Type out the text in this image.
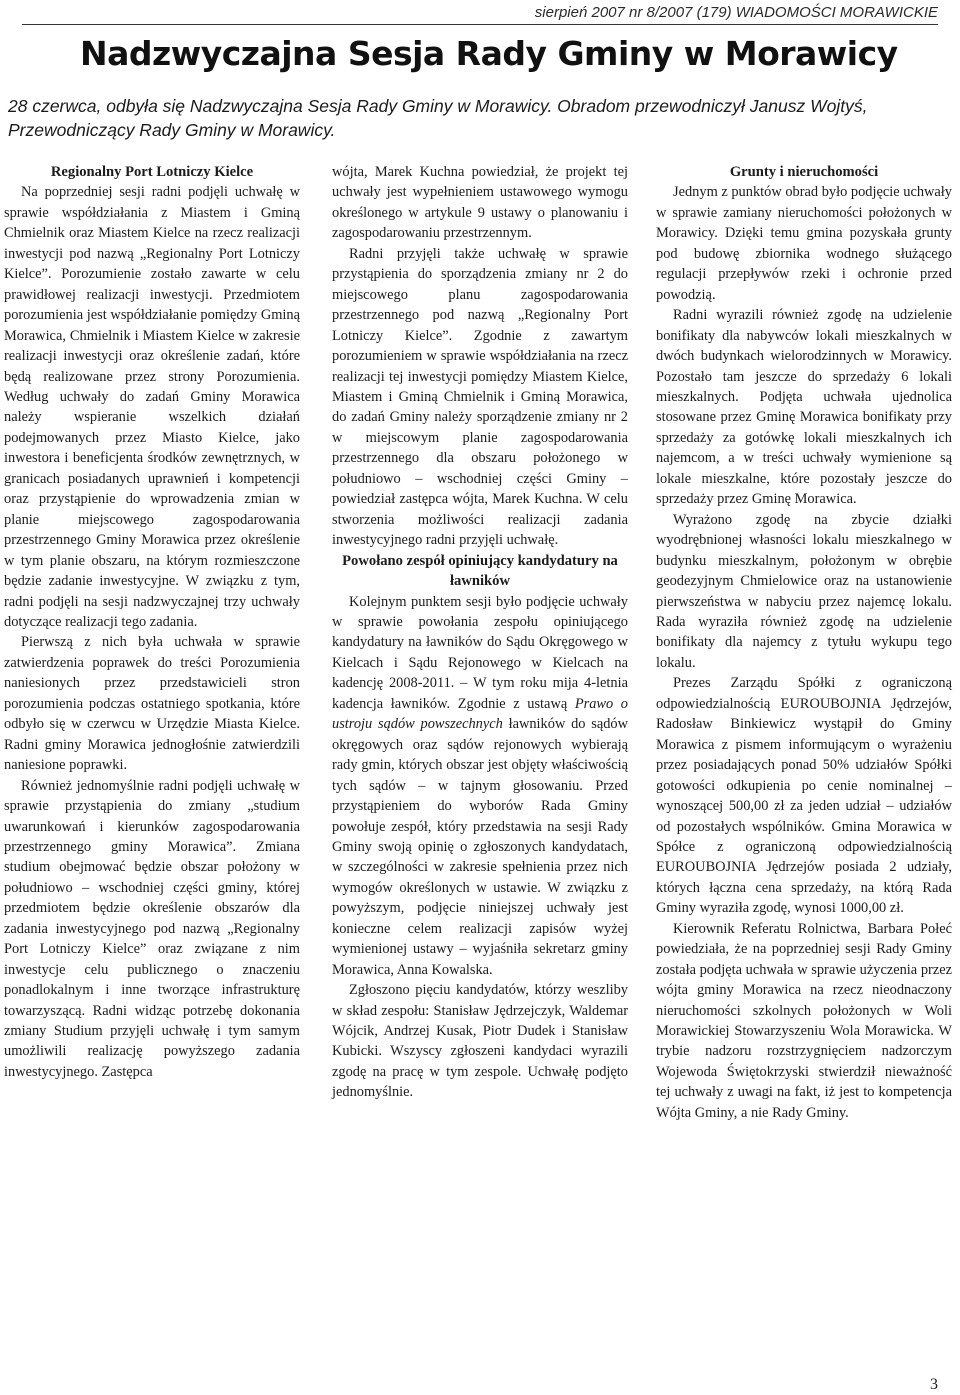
sierpień 2007 nr 8/2007 (179) WIADOMOŚCI MORAWICKIE
Nadzwyczajna Sesja Rady Gminy w Morawicy
28 czerwca, odbyła się Nadzwyczajna Sesja Rady Gminy w Morawicy. Obradom przewodniczył Janusz Wojtyś, Przewodniczący Rady Gminy w Morawicy.
Regionalny Port Lotniczy Kielce

Na poprzedniej sesji radni podjęli uchwałę w sprawie współdziałania z Miastem i Gminą Chmielnik oraz Miastem Kielce na rzecz realizacji inwestycji pod nazwą „Regionalny Port Lotniczy Kielce”. Porozumienie zostało zawarte w celu prawidłowej realizacji inwestycji. Przedmiotem porozumienia jest współdziałanie pomiędzy Gminą Morawica, Chmielnik i Miastem Kielce w zakresie realizacji inwestycji oraz określenie zadań, które będą realizowane przez strony Porozumienia. Według uchwały do zadań Gminy Morawica należy wspieranie wszelkich działań podejmowanych przez Miasto Kielce, jako inwestora i beneficjenta środków zewnętrznych, w granicach posiadanych uprawnień i kompetencji oraz przystąpienie do wprowadzenia zmian w planie miejscowego zagospodarowania przestrzennego Gminy Morawica przez określenie w tym planie obszaru, na którym rozmieszczone będzie zadanie inwestycyjne. W związku z tym, radni podjęli na sesji nadzwyczajnej trzy uchwały dotyczące realizacji tego zadania.

Pierwszą z nich była uchwała w sprawie zatwierdzenia poprawek do treści Porozumienia naniesionych przez przedstawicieli stron porozumienia podczas ostatniego spotkania, które odbyło się w czerwcu w Urzędzie Miasta Kielce. Radni gminy Morawica jednogłośnie zatwierdzili naniesione poprawki.

Również jednomyślnie radni podjęli uchwałę w sprawie przystąpienia do zmiany „studium uwarunkowań i kierunków zagospodarowania przestrzennego gminy Morawica”. Zmiana studium obejmować będzie obszar położony w południowo – wschodniej części gminy, której przedmiotem będzie określenie obszarów dla zadania inwestycyjnego pod nazwą „Regionalny Port Lotniczy Kielce” oraz związane z nim inwestycje celu publicznego o znaczeniu ponadlokalnym i inne tworzące infrastrukturę towarzyszącą. Radni widząc potrzebę dokonania zmiany Studium przyjęli uchwałę i tym samym umożliwili realizację powyższego zadania inwestycyjnego. Zastępca

wójta, Marek Kuchna powiedział, że projekt tej uchwały jest wypełnieniem ustawowego wymogu określonego w artykule 9 ustawy o planowaniu i zagospodarowaniu przestrzennym.

Radni przyjęli także uchwałę w sprawie przystąpienia do sporządzenia zmiany nr 2 do miejscowego planu zagospodarowania przestrzennego pod nazwą „Regionalny Port Lotniczy Kielce”. Zgodnie z zawartym porozumieniem w sprawie współdziałania na rzecz realizacji tej inwestycji pomiędzy Miastem Kielce, Miastem i Gminą Chmielnik i Gminą Morawica, do zadań Gminy należy sporządzenie zmiany nr 2 w miejscowym planie zagospodarowania przestrzennego dla obszaru położonego w południowo – wschodniej części Gminy – powiedział zastępca wójta, Marek Kuchna. W celu stworzenia możliwości realizacji zadania inwestycyjnego radni przyjęli uchwałę.

Powołano zespół opiniujący kandydatury na ławników

Kolejnym punktem sesji było podjęcie uchwały w sprawie powołania zespołu opiniującego kandydatury na ławników do Sądu Okręgowego w Kielcach i Sądu Rejonowego w Kielcach na kadencję 2008-2011. – W tym roku mija 4-letnia kadencja ławników. Zgodnie z ustawą Prawo o ustroju sądów powszechnych ławników do sądów okręgowych oraz sądów rejonowych wybierają rady gmin, których obszar jest objęty właściwością tych sądów – w tajnym głosowaniu. Przed przystąpieniem do wyborów Rada Gminy powołuje zespół, który przedstawia na sesji Rady Gminy swoją opinię o zgłoszonych kandydatach, w szczególności w zakresie spełnienia przez nich wymogów określonych w ustawie. W związku z powyższym, podjęcie niniejszej uchwały jest konieczne celem realizacji zapisów wyżej wymienionej ustawy – wyjaśniła sekretarz gminy Morawica, Anna Kowalska.

Zgłoszono pięciu kandydatów, którzy weszliby w skład zespołu: Stanisław Jędrzejczyk, Waldemar Wójcik, Andrzej Kusak, Piotr Dudek i Stanisław Kubicki. Wszyscy zgłoszeni kandydaci wyrazili zgodę na pracę w tym zespole. Uchwałę podjęto jednomyślnie.

Grunty i nieruchomości

Jednym z punktów obrad było podjęcie uchwały w sprawie zamiany nieruchomości położonych w Morawicy. Dzięki temu gmina pozyskała grunty pod budowę zbiornika wodnego służącego regulacji przepływów rzeki i ochronie przed powodzią.

Radni wyrazili również zgodę na udzielenie bonifikaty dla nabywców lokali mieszkalnych w dwóch budynkach wielorodzinnych w Morawicy. Pozostało tam jeszcze do sprzedaży 6 lokali mieszkalnych. Podjęta uchwała ujednolica stosowane przez Gminę Morawica bonifikaty przy sprzedaży za gotówkę lokali mieszkalnych ich najemcom, a w treści uchwały wymienione są lokale mieszkalne, które pozostały jeszcze do sprzedaży przez Gminę Morawica.

Wyrażono zgodę na zbycie działki wyodrębnionej własności lokalu mieszkalnego w budynku mieszkalnym, położonym w obrębie geodezyjnym Chmielowice oraz na ustanowienie pierwszeństwa w nabyciu przez najemcę lokalu. Rada wyraziła również zgodę na udzielenie bonifikaty dla najemcy z tytułu wykupu tego lokalu.

Prezes Zarządu Spółki z ograniczoną odpowiedzialnością EUROUBOJNIA Jędrzejów, Radosław Binkiewicz wystąpił do Gminy Morawica z pismem informującym o wyrażeniu przez posiadających ponad 50% udziałów Spółki gotowości odkupienia po cenie nominalnej – wynoszącej 500,00 zł za jeden udział – udziałów od pozostałych wspólników. Gmina Morawica w Spółce z ograniczoną odpowiedzialnością EUROUBOJNIA Jędrzejów posiada 2 udziały, których łączna cena sprzedaży, na którą Rada Gminy wyraziła zgodę, wynosi 1000,00 zł.

Kierownik Referatu Rolnictwa, Barbara Połeć powiedziała, że na poprzedniej sesji Rady Gminy została podjęta uchwała w sprawie użyczenia przez wójta gminy Morawica na rzecz nieodnaczony nieruchomości szkolnych położonych w Woli Morawickiej Stowarzyszeniu Wola Morawicka. W trybie nadzoru rozstrzygnięciem nadzorczym Wojewoda Świętokrzyski stwierdził nieważność tej uchwały z uwagi na fakt, iż jest to kompetencja Wójta Gminy, a nie Rady Gminy.

3
